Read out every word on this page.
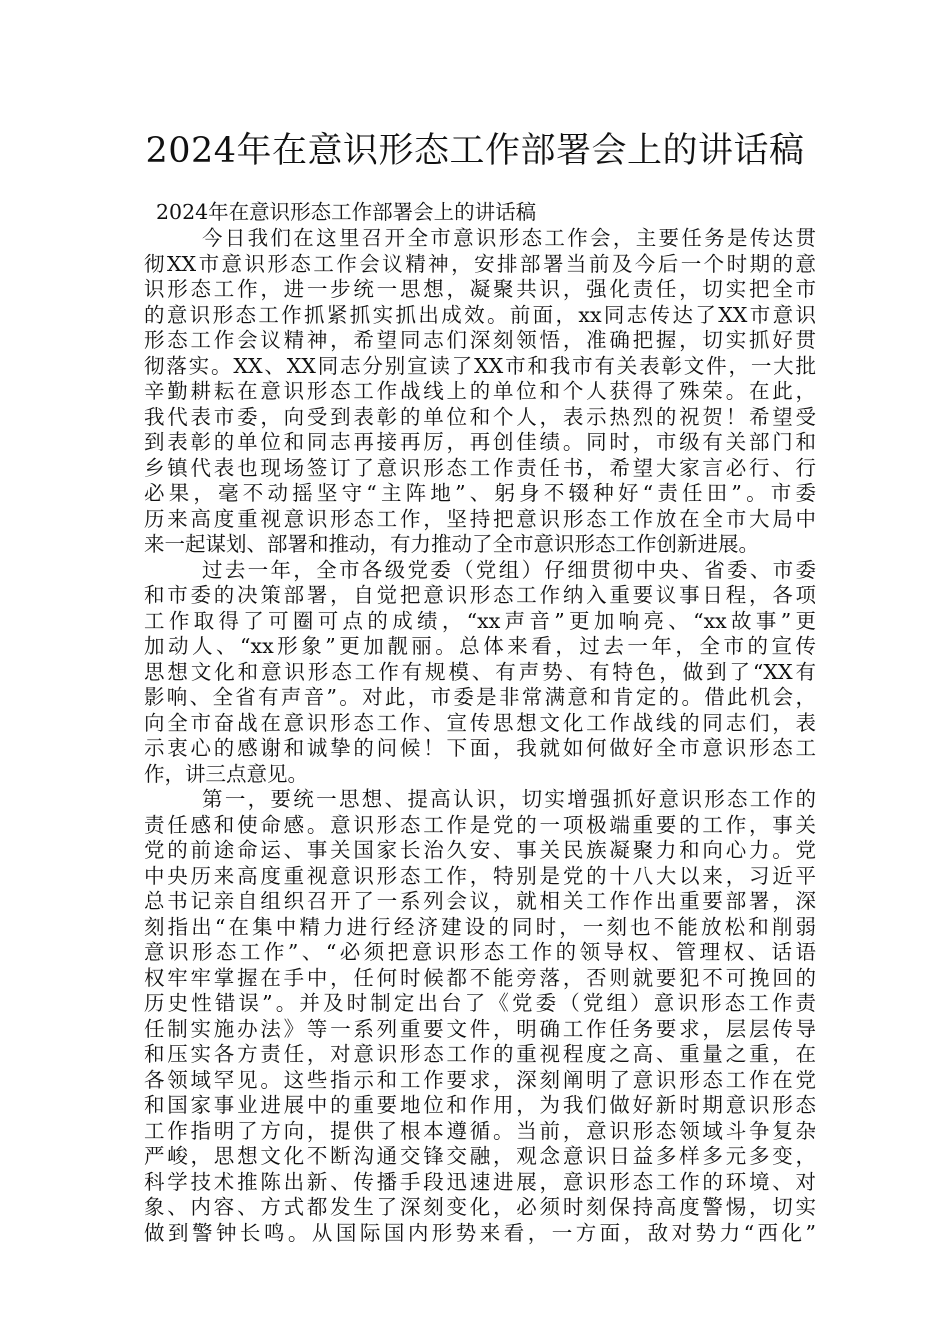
2024年在意识形态工作部署会上的讲话稿

2024年在意识形态工作部署会上的讲话稿

今日我们在这里召开全市意识形态工作会，主要任务是传达贯
彻XX市意识形态工作会议精神，安排部署当前及今后一个时期的意
识形态工作，进一步统一思想，凝聚共识，强化责任，切实把全市
的意识形态工作抓紧抓实抓出成效。前面，xx同志传达了XX市意识
形态工作会议精神，希望同志们深刻领悟，准确把握，切实抓好贯
彻落实。XX、XX同志分别宣读了XX市和我市有关表彰文件，一大批
辛勤耕耘在意识形态工作战线上的单位和个人获得了殊荣。在此，
我代表市委，向受到表彰的单位和个人，表示热烈的祝贺！希望受
到表彰的单位和同志再接再厉，再创佳绩。同时，市级有关部门和
乡镇代表也现场签订了意识形态工作责任书，希望大家言必行、行
必果，毫不动摇坚守“主阵地”、躬身不辍种好“责任田”。市委
历来高度重视意识形态工作，坚持把意识形态工作放在全市大局中
来一起谋划、部署和推动，有力推动了全市意识形态工作创新进展。
过去一年，全市各级党委（党组）仔细贯彻中央、省委、市委
和市委的决策部署，自觉把意识形态工作纳入重要议事日程，各项
工作取得了可圈可点的成绩，“xx声音”更加响亮、“xx故事”更
加动人、“xx形象”更加靓丽。总体来看，过去一年，全市的宣传
思想文化和意识形态工作有规模、有声势、有特色，做到了“XX有
影响、全省有声音”。对此，市委是非常满意和肯定的。借此机会，
向全市奋战在意识形态工作、宣传思想文化工作战线的同志们，表
示衷心的感谢和诚挚的问候！下面，我就如何做好全市意识形态工
作，讲三点意见。
第一，要统一思想、提高认识，切实增强抓好意识形态工作的
责任感和使命感。意识形态工作是党的一项极端重要的工作，事关
党的前途命运、事关国家长治久安、事关民族凝聚力和向心力。党
中央历来高度重视意识形态工作，特别是党的十八大以来，习近平
总书记亲自组织召开了一系列会议，就相关工作作出重要部署，深
刻指出“在集中精力进行经济建设的同时，一刻也不能放松和削弱
意识形态工作”、“必须把意识形态工作的领导权、管理权、话语
权牢牢掌握在手中，任何时候都不能旁落，否则就要犯不可挽回的
历史性错误”。并及时制定出台了《党委（党组）意识形态工作责
任制实施办法》等一系列重要文件，明确工作任务要求，层层传导
和压实各方责任，对意识形态工作的重视程度之高、重量之重，在
各领域罕见。这些指示和工作要求，深刻阐明了意识形态工作在党
和国家事业进展中的重要地位和作用，为我们做好新时期意识形态
工作指明了方向，提供了根本遵循。当前，意识形态领域斗争复杂
严峻，思想文化不断沟通交锋交融，观念意识日益多样多元多变，
科学技术推陈出新、传播手段迅速进展，意识形态工作的环境、对
象、内容、方式都发生了深刻变化，必须时刻保持高度警惕，切实
做到警钟长鸣。从国际国内形势来看，一方面，敌对势力“西化”
